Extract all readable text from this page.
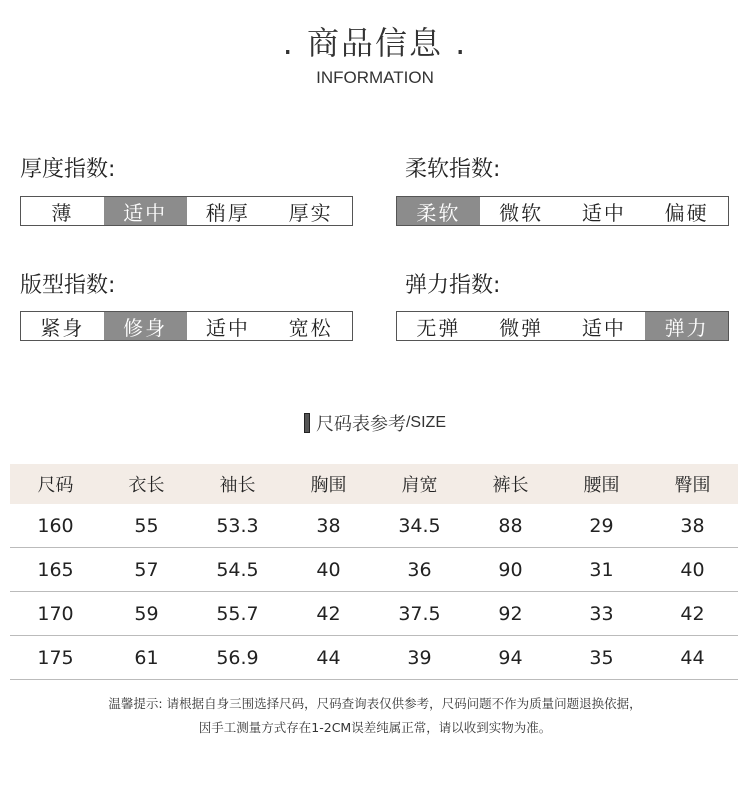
. 商品信息 .
INFORMATION
厚度指数:
薄	适中	稍厚	厚实
柔软指数:
柔软	微软	适中	偏硬
版型指数:
紧身	修身	适中	宽松
弹力指数:
无弹	微弹	适中	弹力
尺码表参考 /SIZE
尺码	衣长	袖长	胸围	肩宽	裤长	腰围	臀围
160	55	53.3	38	34.5	88	29	38
165	57	54.5	40	36	90	31	40
170	59	55.7	42	37.5	92	33	42
175	61	56.9	44	39	94	35	44
温馨提示: 请根据自身三围选择尺码，尺码查询表仅供参考，尺码问题不作为质量问题退换依据，
因手工测量方式存在1-2CM误差纯属正常，请以收到实物为准。
